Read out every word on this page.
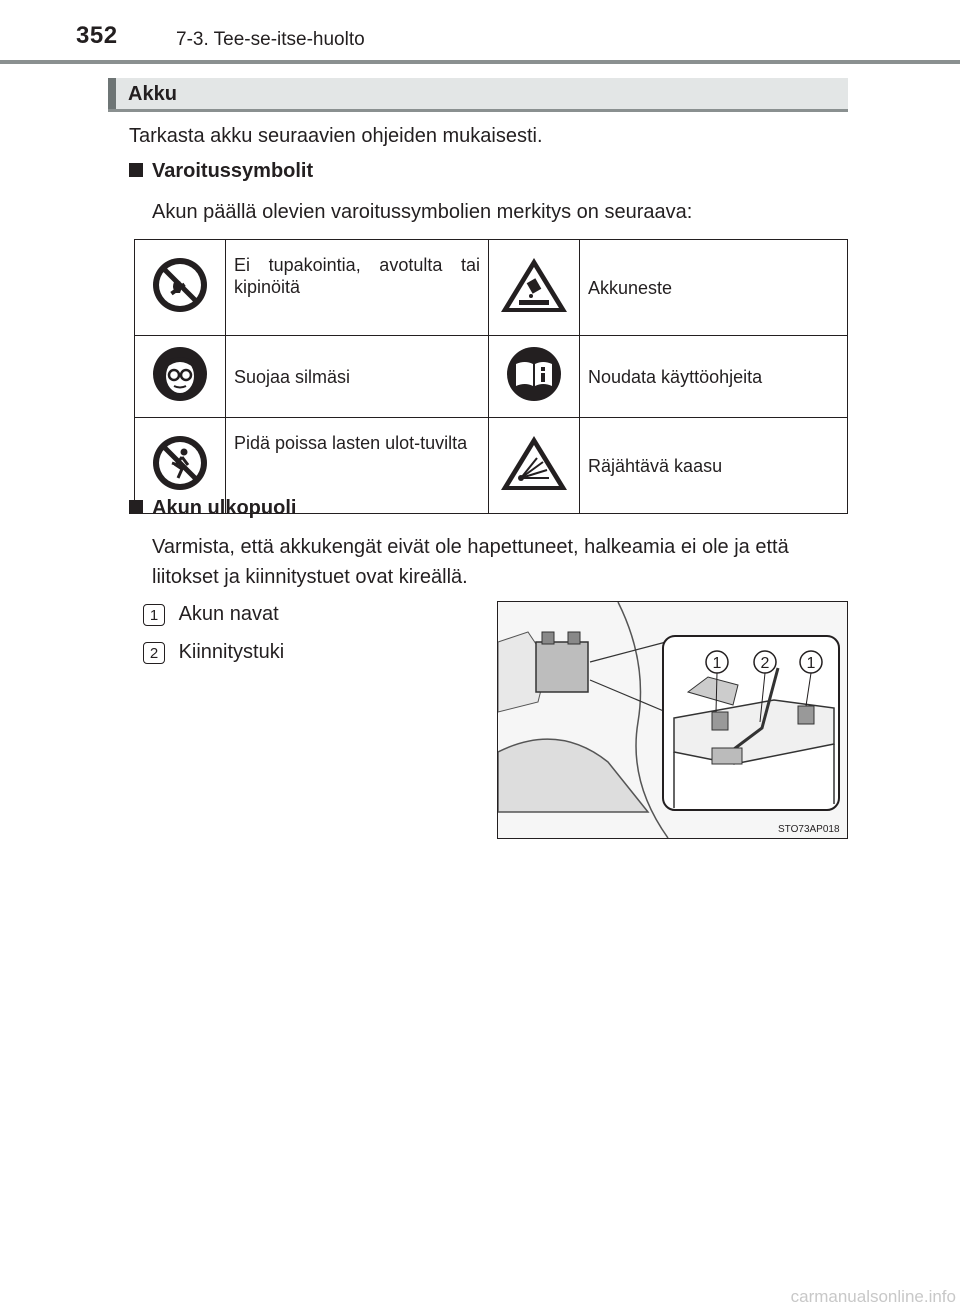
352	7-3. Tee-se-itse-huolto
Akku
Tarkasta akku seuraavien ohjeiden mukaisesti.
Varoitussymbolit
Akun päällä olevien varoitussymbolien merkitys on seuraava:

Ei tupakointia, avotulta tai kipinöitä		Akkuneste

Suojaa silmäsi		Noudata käyttöohjeita

Pidä poissa lasten ulot-tuvilta		Räjähtävä kaasu
Akun ulkopuoli
Varmista, että akkukengät eivät ole hapettuneet, halkeamia ei ole ja että liitokset ja kiinnitystuet ovat kireällä.
1 Akun navat
2 Kiinnitystuki
1 2 1
STO73AP018
carmanualsonline.info
